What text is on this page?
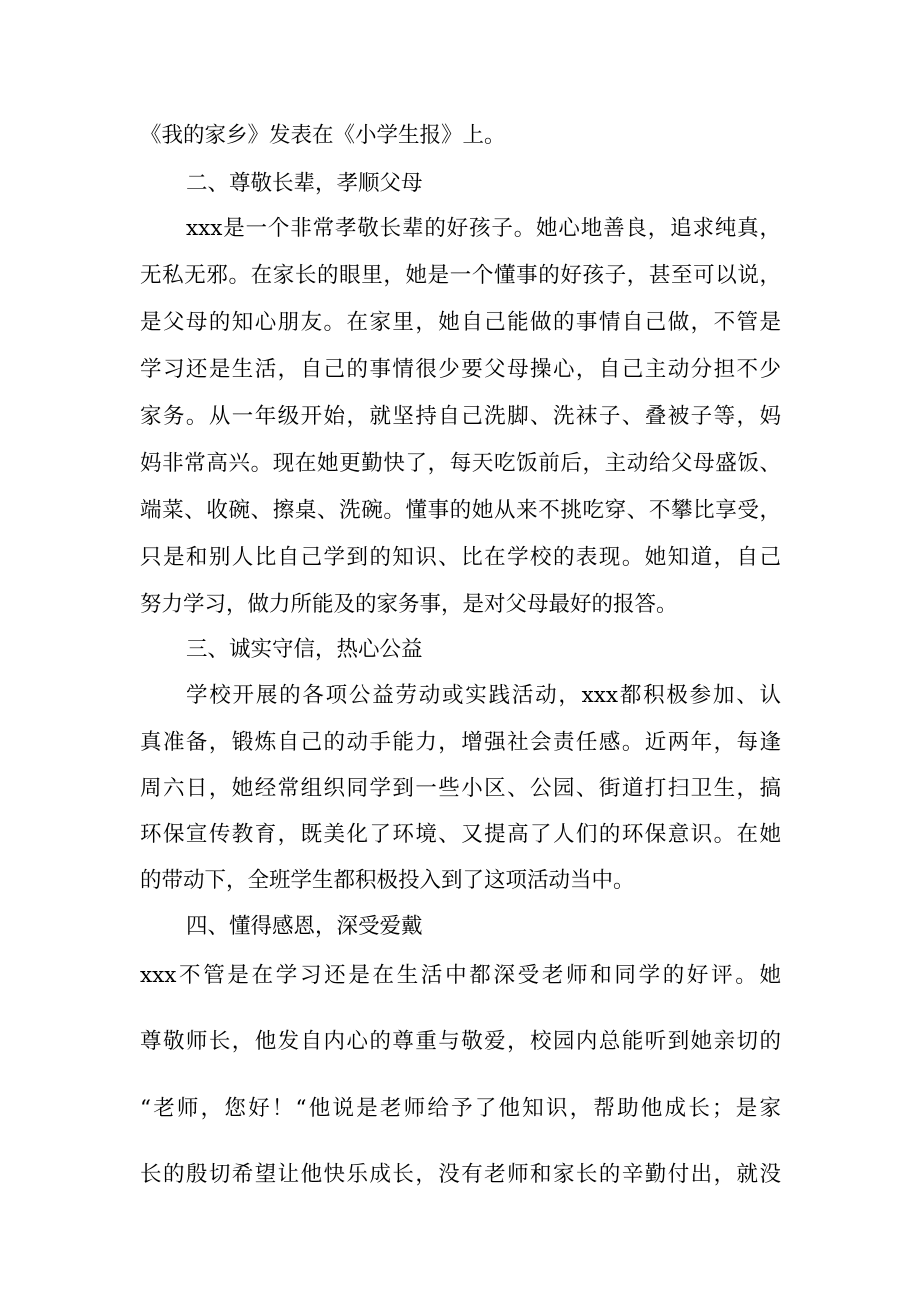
《我的家乡》发表在《小学生报》上。
二、尊敬长辈，孝顺父母
xxx是一个非常孝敬长辈的好孩子。她心地善良，追求纯真，
无私无邪。在家长的眼里，她是一个懂事的好孩子，甚至可以说，
是父母的知心朋友。在家里，她自己能做的事情自己做，不管是
学习还是生活，自己的事情很少要父母操心，自己主动分担不少
家务。从一年级开始，就坚持自己洗脚、洗袜子、叠被子等，妈
妈非常高兴。现在她更勤快了，每天吃饭前后，主动给父母盛饭、
端菜、收碗、擦桌、洗碗。懂事的她从来不挑吃穿、不攀比享受，
只是和别人比自己学到的知识、比在学校的表现。她知道，自己
努力学习，做力所能及的家务事，是对父母最好的报答。
三、诚实守信，热心公益
学校开展的各项公益劳动或实践活动，xxx都积极参加、认
真准备，锻炼自己的动手能力，增强社会责任感。近两年，每逢
周六日，她经常组织同学到一些小区、公园、街道打扫卫生，搞
环保宣传教育，既美化了环境、又提高了人们的环保意识。在她
的带动下，全班学生都积极投入到了这项活动当中。
四、懂得感恩，深受爱戴
xxx不管是在学习还是在生活中都深受老师和同学的好评。她
尊敬师长，他发自内心的尊重与敬爱，校园内总能听到她亲切的
“老师，您好！“他说是老师给予了他知识，帮助他成长；是家
长的殷切希望让他快乐成长，没有老师和家长的辛勤付出，就没
